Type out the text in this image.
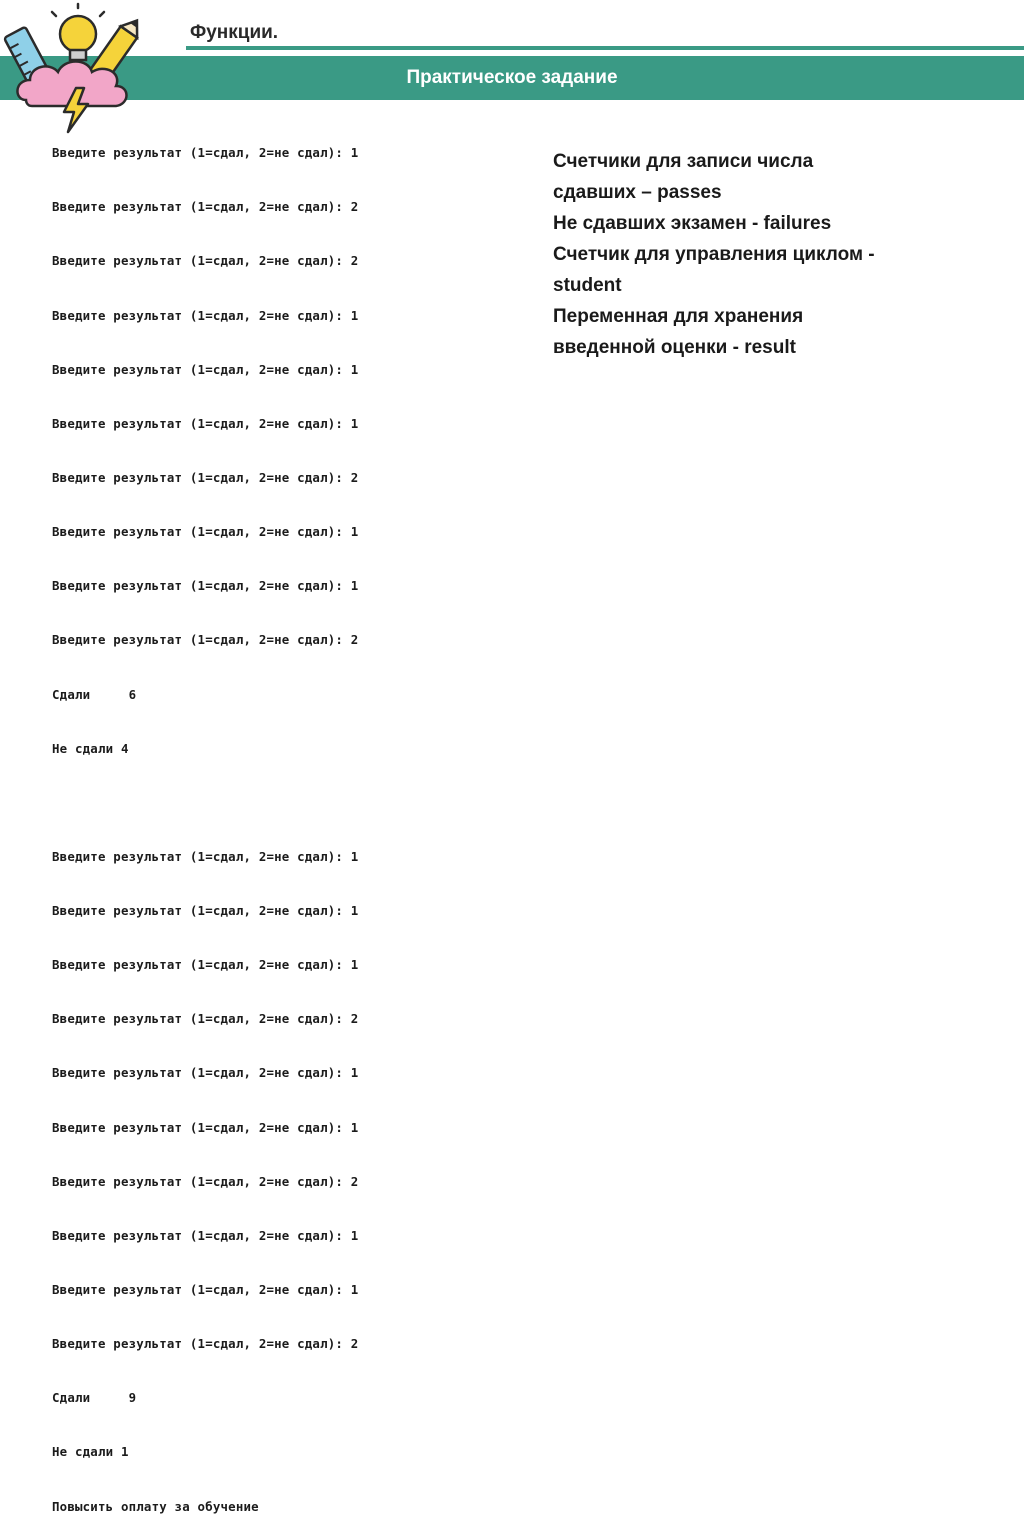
Функции.
Практическое задание

Введите результат (1=сдал, 2=не сдал): 1

Введите результат (1=сдал, 2=не сдал): 2

Введите результат (1=сдал, 2=не сдал): 2

Введите результат (1=сдал, 2=не сдал): 1

Введите результат (1=сдал, 2=не сдал): 1

Введите результат (1=сдал, 2=не сдал): 1

Введите результат (1=сдал, 2=не сдал): 2

Введите результат (1=сдал, 2=не сдал): 1

Введите результат (1=сдал, 2=не сдал): 1

Введите результат (1=сдал, 2=не сдал): 2

Сдали     6

Не сдали 4

Введите результат (1=сдал, 2=не сдал): 1

Введите результат (1=сдал, 2=не сдал): 1

Введите результат (1=сдал, 2=не сдал): 1

Введите результат (1=сдал, 2=не сдал): 2

Введите результат (1=сдал, 2=не сдал): 1

Введите результат (1=сдал, 2=не сдал): 1

Введите результат (1=сдал, 2=не сдал): 2

Введите результат (1=сдал, 2=не сдал): 1

Введите результат (1=сдал, 2=не сдал): 1

Введите результат (1=сдал, 2=не сдал): 2

Сдали     9

Не сдали 1

Повысить оплату за обучение

Счетчики для записи числа
сдавших – passes
Не сдавших экзамен - failures
Счетчик для управления циклом -
student
Переменная для хранения
введенной оценки - result
